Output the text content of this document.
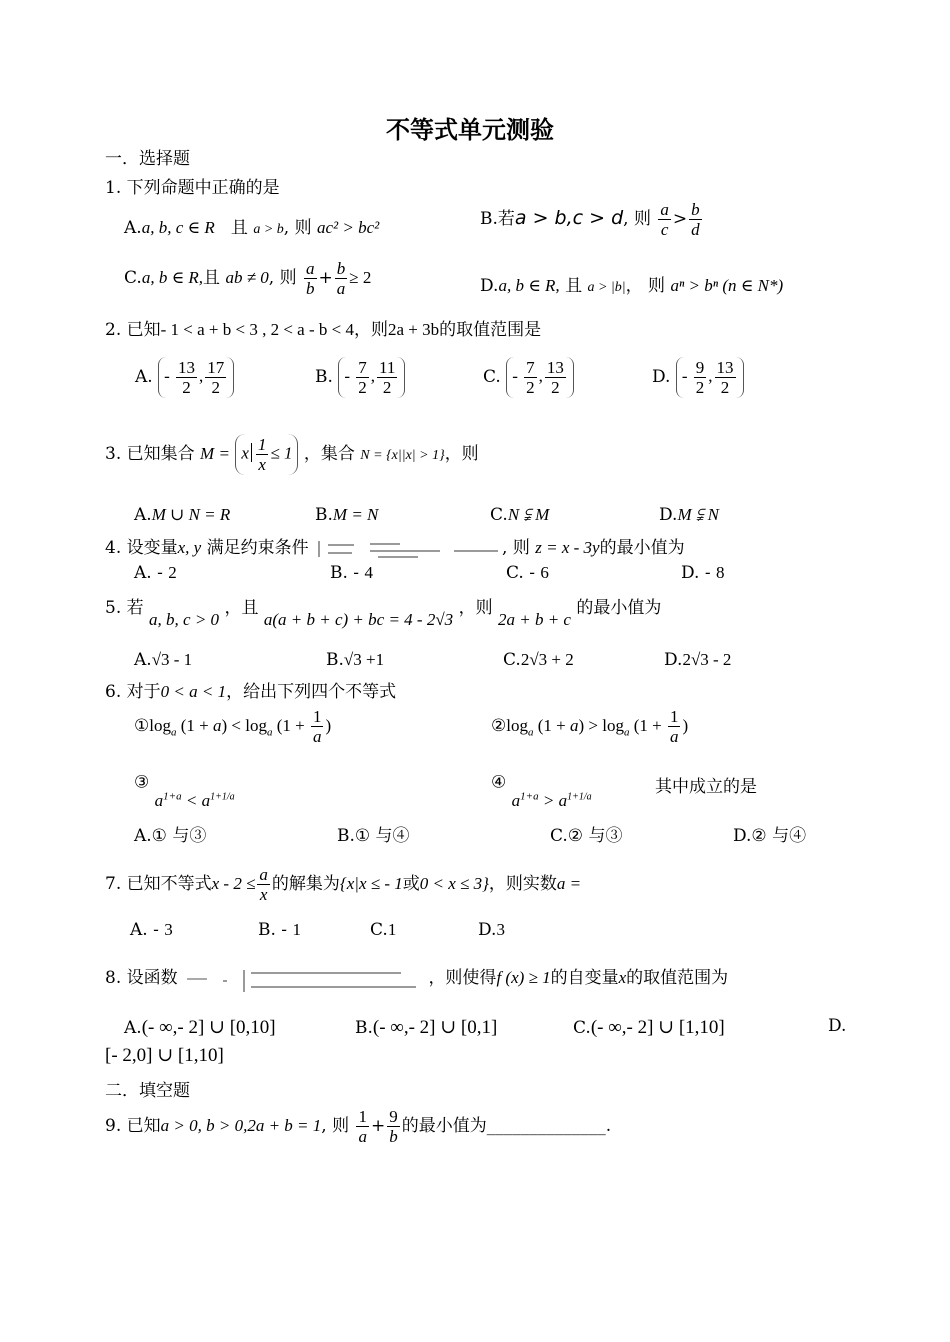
不等式单元测验
一．选择题
1. 下列命题中正确的是
A.a, b, c ∈ R 且 a > b, 则 ac² > bc²	B.若a > b,c > d, 则 $\frac{a}{c} > \frac{b}{d}$
C.a, b ∈ R,且 ab ≠ 0, 则 $\frac{a}{b} + \frac{b}{a} \ge 2$	D.a, b ∈ R, 且 a > |b|， 则 aⁿ > bⁿ (n ∈ N*)
2. 已知- 1 < a + b < 3 , 2 < a - b < 4，则2a + 3b的取值范围是
A. - $\frac{13}{2}$ , $\frac{17}{2}$	B. - $\frac{7}{2}$ , $\frac{11}{2}$	C. - $\frac{7}{2}$ , $\frac{13}{2}$	D. - $\frac{9}{2}$ , $\frac{13}{2}$
3. 已知集合 M = x $\frac{1}{x} \le 1$ ，集合 N = {x||x| > 1}，则
A.M ∪ N = R	B.M = N	C.N ⫋ M	D.M ⫋ N
4. 设变量x, y 满足约束条件	, 则 z = x - 3y的最小值为
A. - 2	B. - 4	C. - 6	D. - 8
5. 若 a, b, c > 0 ，且 a(a + b + c) + bc = 4 - 2√3 ，则 2a + b + c 的最小值为
A.√3 - 1	B.√3 +1	C.2√3 + 2	D.2√3 - 2
6. 对于0 < a < 1，给出下列四个不等式
$①\log_a$ $(1 + a) < \log_a (1 + \frac{1}{a}$ )	$②\log_a$ $(1 + a) > \log_a (1 + \frac{1}{a}$ )
③ $a^{1+a} < a^{1+1/a}$
④ $a^{1+a} > a^{1+1/a}$	其中成立的是
A.① 与③	B.① 与④	C.② 与③	D.② 与④
7. 已知不等式$x - 2 \le \frac{a}{x}$ 的解集为{x|x ≤ - 1或0 < x ≤ 3}，则实数a =
A. - 3	B. - 1	C.1	D.3
8. 设函数	，则使得f (x) ≥ 1的自变量x的取值范围为
A.(- ∞,- 2] ∪ [0,10]	B.(- ∞,- 2] ∪ [0,1]	C.(- ∞,- 2] ∪ [1,10]	D.
[- 2,0] ∪ [1,10]
二．填空题
9. 已知a > 0, b > 0,2a + b = 1, 则 $\frac{1}{a} + \frac{9}{b}$ 的最小值为______________.
